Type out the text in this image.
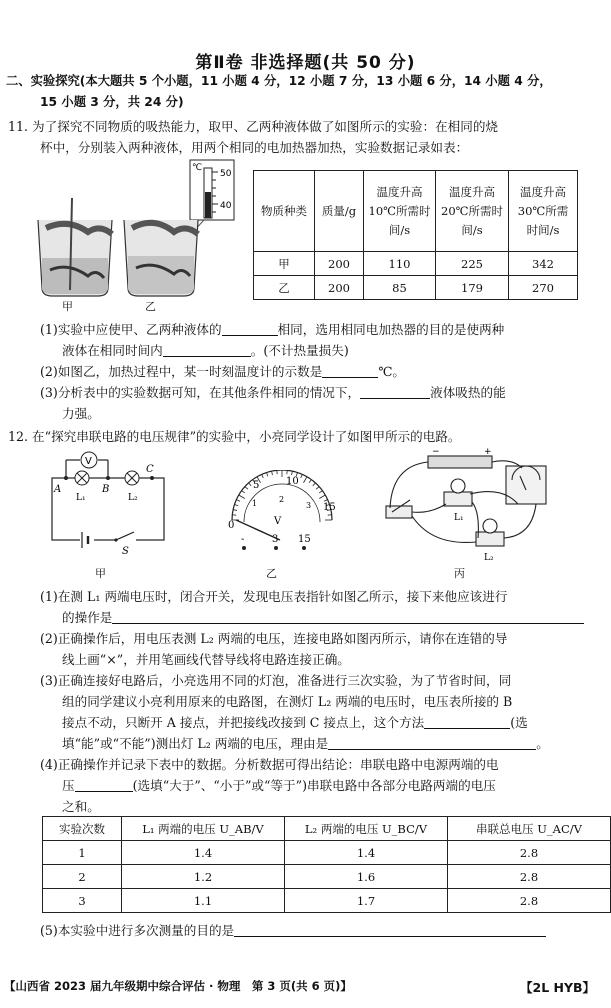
第Ⅱ卷 非选择题(共 50 分)
二、实验探究(本大题共 5 个小题，11 小题 4 分，12 小题 7 分，13 小题 6 分，14 小题 4 分，
15 小题 3 分，共 24 分)
11. 为了探究不同物质的吸热能力，取甲、乙两种液体做了如图所示的实验：在相同的烧
杯中，分别装入两种液体，用两个相同的电加热器加热，实验数据记录如表：
℃
50
40
甲	乙
物质种类	质量/g	温度升高10℃所需时间/s	温度升高20℃所需时间/s	温度升高30℃所需时间/s
甲	200	110	225	342
乙	200	85	179	270
(1)实验中应使甲、乙两种液体的	相同，选用相同电加热器的目的是使两种
液体在相同时间内	。(不计热量损失)
(2)如图乙，加热过程中，某一时刻温度计的示数是	℃。
(3)分析表中的实验数据可知，在其他条件相同的情况下，	液体吸热的能
力强。
12. 在“探究串联电路的电压规律”的实验中，小亮同学设计了如图甲所示的电路。
V
A	B
C
L₁	L₂
S
0
5	10
15
1	2
3
V
-	3 15
−	+
L₁
L₂
甲	乙	丙
(1)在测 L₁ 两端电压时，闭合开关，发现电压表指针如图乙所示，接下来他应该进行
的操作是
(2)正确操作后，用电压表测 L₂ 两端的电压，连接电路如图丙所示，请你在连错的导
线上画“×”，并用笔画线代替导线将电路连接正确。
(3)正确连接好电路后，小亮选用不同的灯泡，准备进行三次实验，为了节省时间，同
组的同学建议小亮利用原来的电路图，在测灯 L₂ 两端的电压时，电压表所接的 B
接点不动，只断开 A 接点，并把接线改接到 C 接点上，这个方法	(选
填“能”或“不能”)测出灯 L₂ 两端的电压，理由是	。
(4)正确操作并记录下表中的数据。分析数据可得出结论：串联电路中电源两端的电
压	(选填“大于”、“小于”或“等于”)串联电路中各部分电路两端的电压
之和。
实验次数	L₁ 两端的电压 U_AB/V	L₂ 两端的电压 U_BC/V	串联总电压 U_AC/V
1	1.4	1.4	2.8
2	1.2	1.6	2.8
3	1.1	1.7	2.8
(5)本实验中进行多次测量的目的是
【山西省 2023 届九年级期中综合评估 · 物理　第 3 页(共 6 页)】	【2L HYB】
